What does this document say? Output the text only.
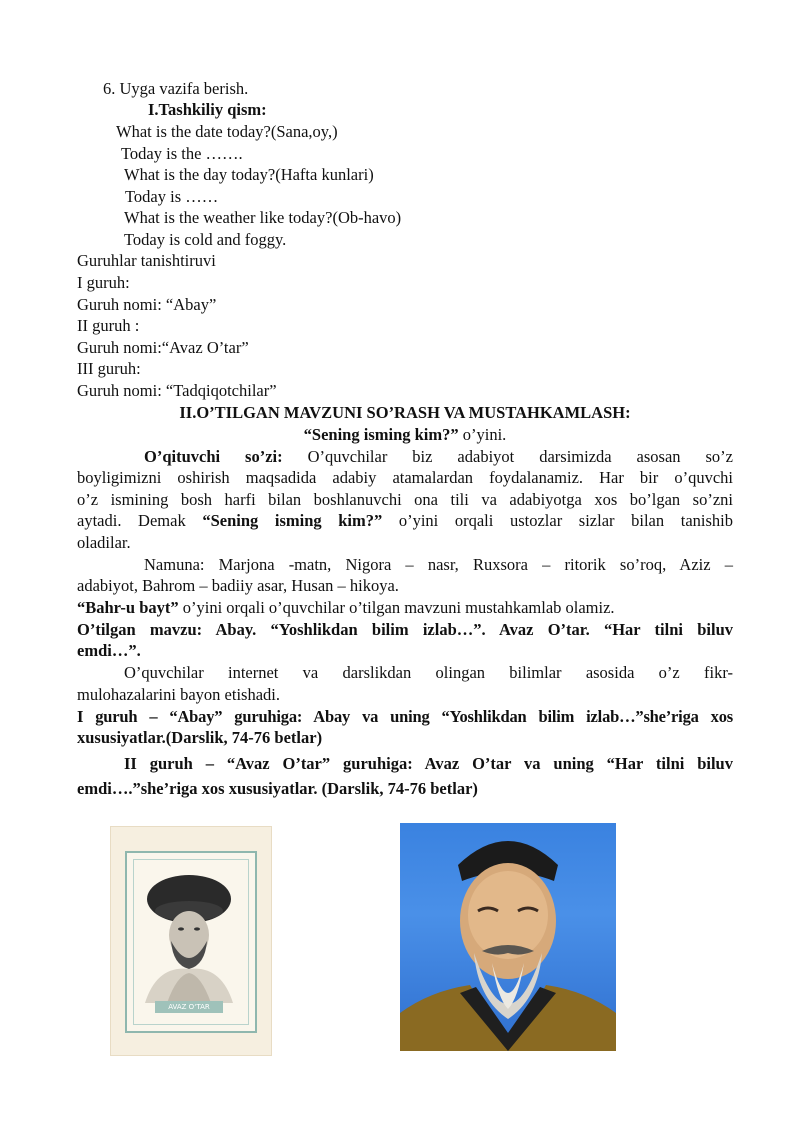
6. Uyga vazifa berish.
I.Tashkiliy qism:
What is the date today?(Sana,oy,)
Today is the …….
What is the day today?(Hafta kunlari)
Today is ……
What is the weather like today?(Ob-havo)
Today is cold and foggy.
Guruhlar tanishtiruvi
I guruh:
Guruh nomi: “Abay”
II guruh :
Guruh nomi:“Avaz O’tar”
III guruh:
Guruh nomi: “Tadqiqotchilar”
II.O’TILGAN MAVZUNI SO’RASH VA MUSTAHKAMLASH:
“Sening isming kim?” o’yini.
O’qituvchi so’zi: O’quvchilar biz adabiyot darsimizda asosan so’z
boyligimizni oshirish maqsadida adabiy atamalardan foydalanamiz. Har bir o’quvchi
o’z ismining bosh harfi bilan boshlanuvchi ona tili va adabiyotga xos bo’lgan so’zni
aytadi. Demak “Sening isming kim?” o’yini orqali ustozlar sizlar bilan tanishib
oladilar.
Namuna: Marjona -matn, Nigora – nasr, Ruxsora – ritorik so’roq, Aziz –
adabiyot, Bahrom – badiiy asar, Husan – hikoya.
“Bahr-u bayt” o’yini orqali o’quvchilar o’tilgan mavzuni mustahkamlab olamiz.
O’tilgan mavzu: Abay. “Yoshlikdan bilim izlab…”. Avaz O’tar. “Har tilni biluv
emdi…”.
O’quvchilar internet va darslikdan olingan bilimlar asosida o’z fikr-
mulohazalarini bayon etishadi.
I guruh – “Abay” guruhiga: Abay va uning “Yoshlikdan bilim izlab…”she’riga xos
xususiyatlar.(Darslik, 74-76 betlar)
II guruh – “Avaz O’tar” guruhiga: Avaz O’tar va uning “Har tilni biluv
emdi….”she’riga xos xususiyatlar. (Darslik, 74-76 betlar)
AVAZ O‘TAR
